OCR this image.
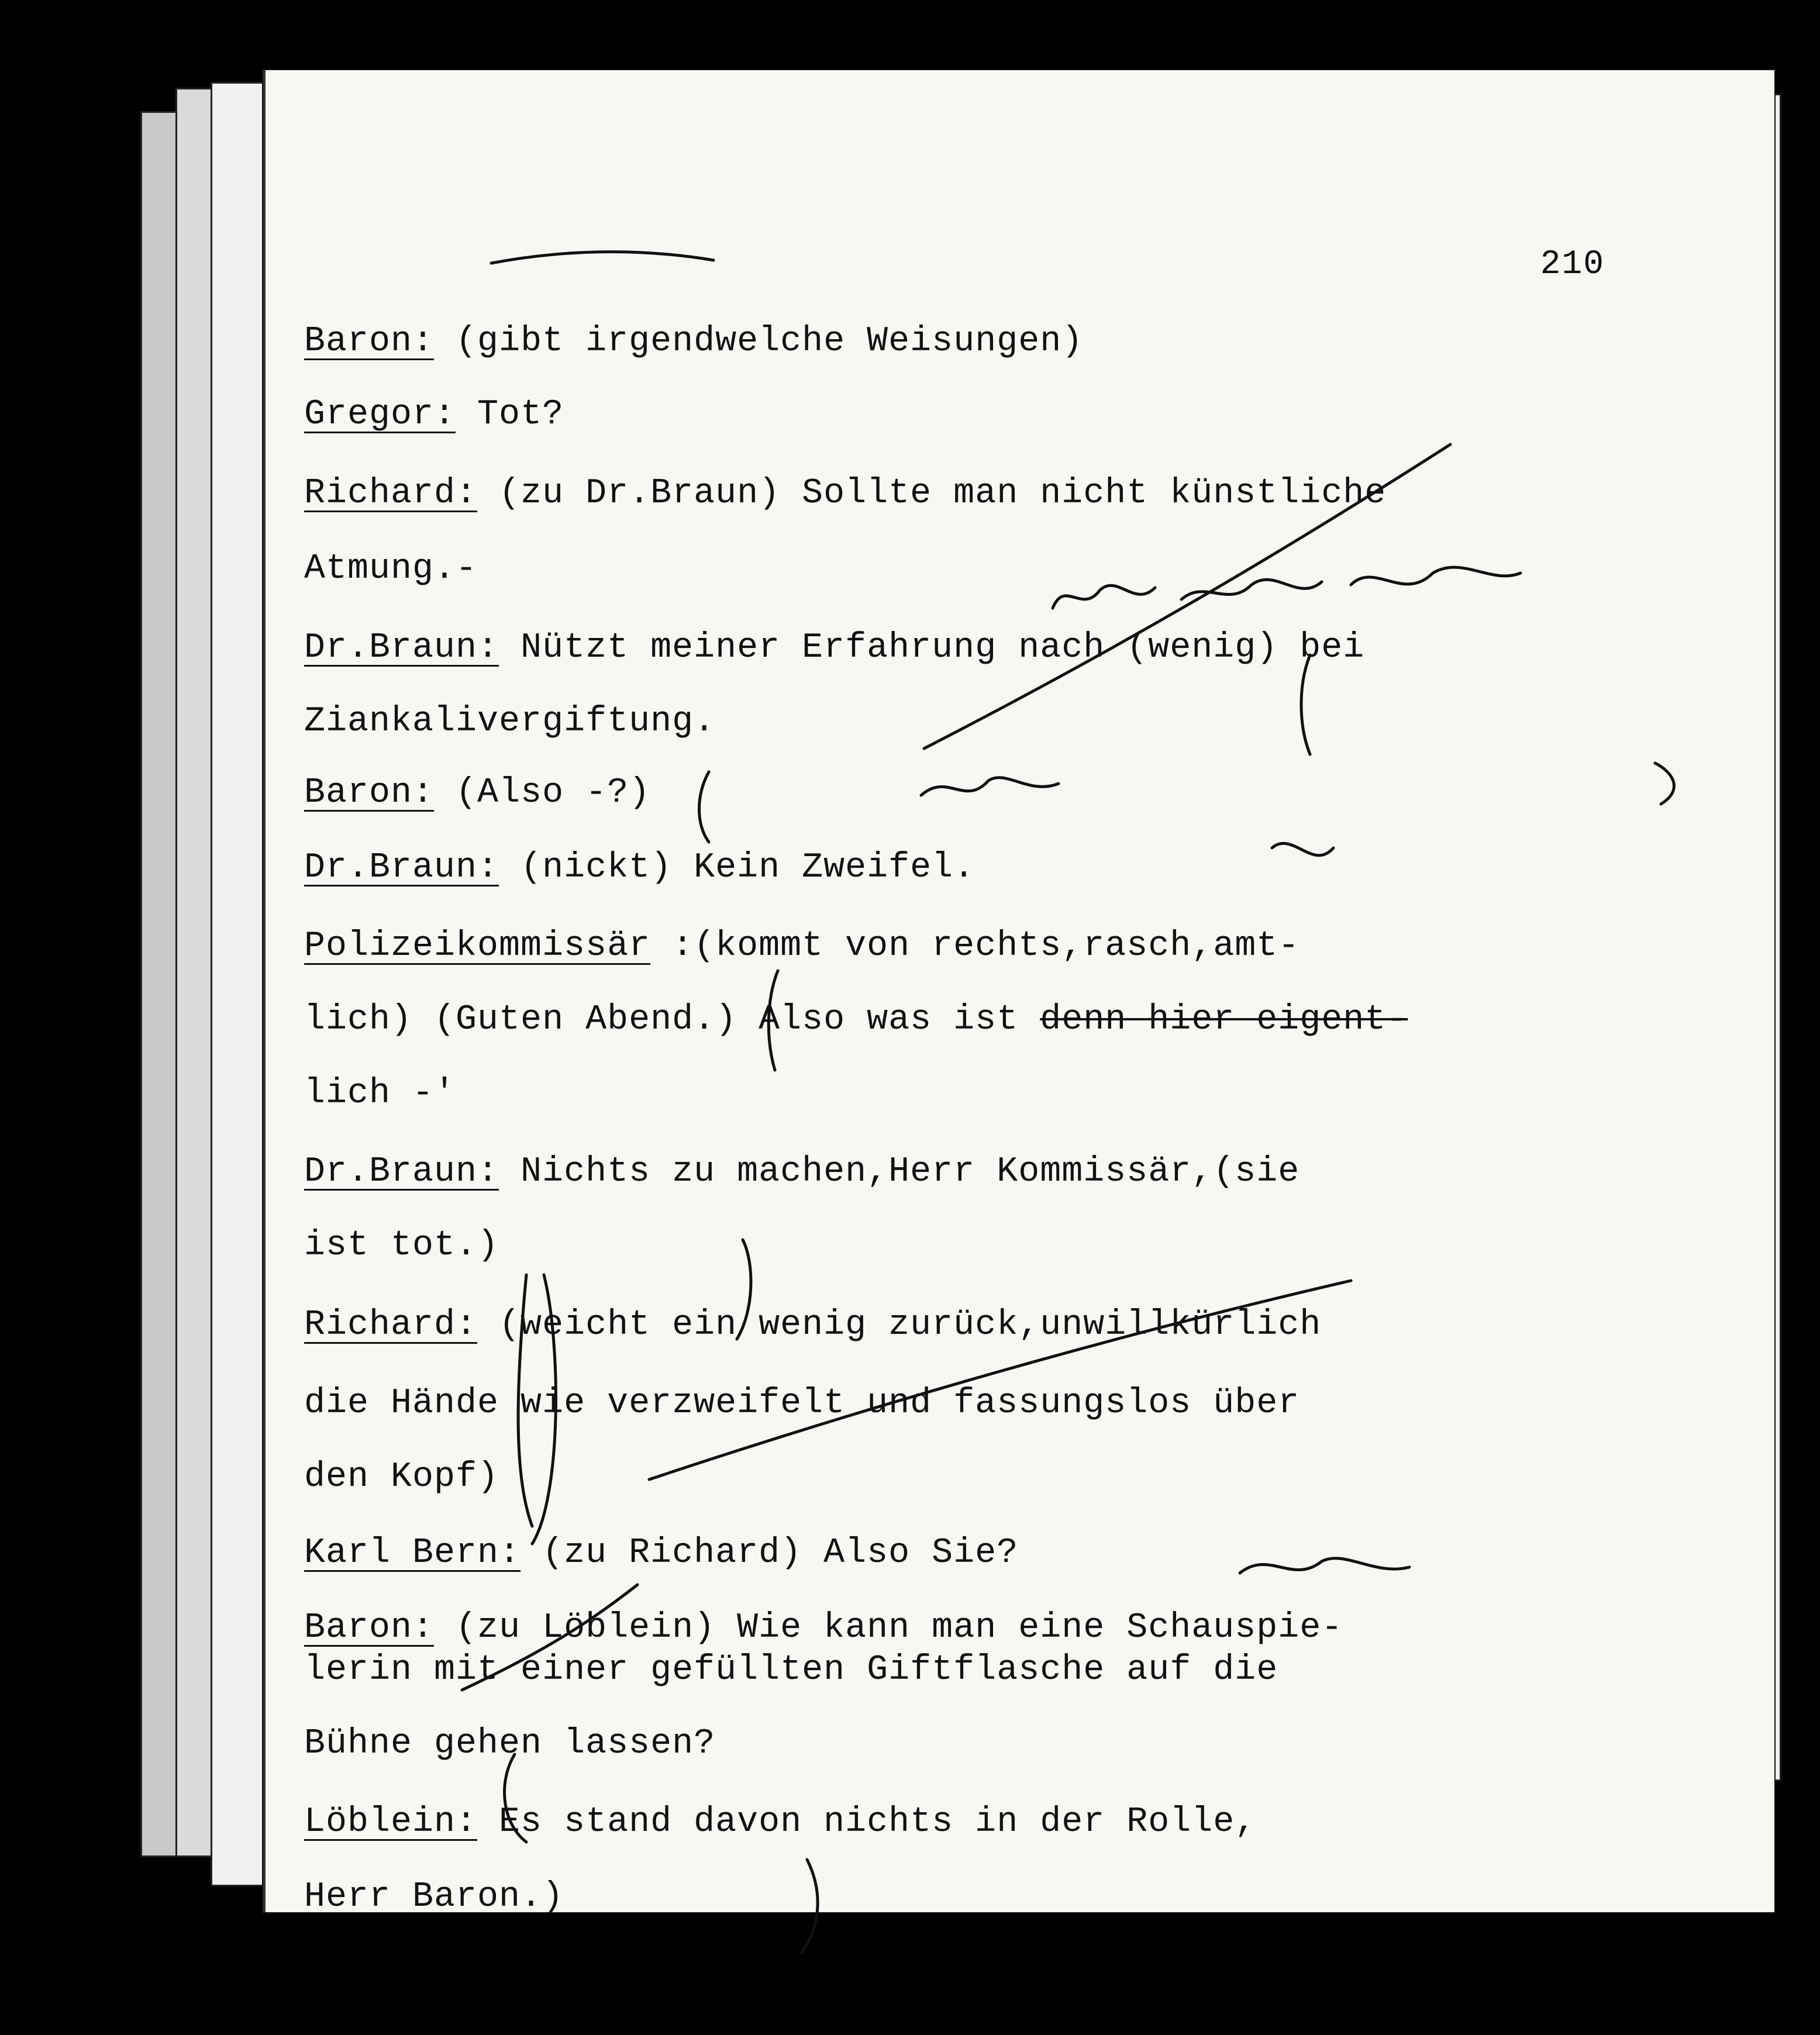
210
Baron: (gibt irgendwelche Weisungen)
Gregor: Tot?
Richard: (zu Dr.Braun) Sollte man nicht künstliche
Atmung.-
Dr.Braun: Nützt meiner Erfahrung nach (wenig) bei
Ziankalivergiftung.
Baron: (Also -?)
Dr.Braun: (nickt) Kein Zweifel.
Polizeikommissär :(kommt von rechts,rasch,amt-
lich) (Guten Abend.) Also was ist denn hier eigent-
lich -'
Dr.Braun: Nichts zu machen,Herr Kommissär,(sie
ist tot.)
Richard: (weicht ein wenig zurück,unwillkürlich
die Hände wie verzweifelt und fassungslos über
den Kopf)
Karl Bern: (zu Richard) Also Sie?
Baron: (zu Löblein) Wie kann man eine Schauspie-
lerin mit einer gefüllten Giftflasche auf die
Bühne gehen lassen?
Löblein: Es stand davon nichts in der Rolle,
Herr Baron.)
